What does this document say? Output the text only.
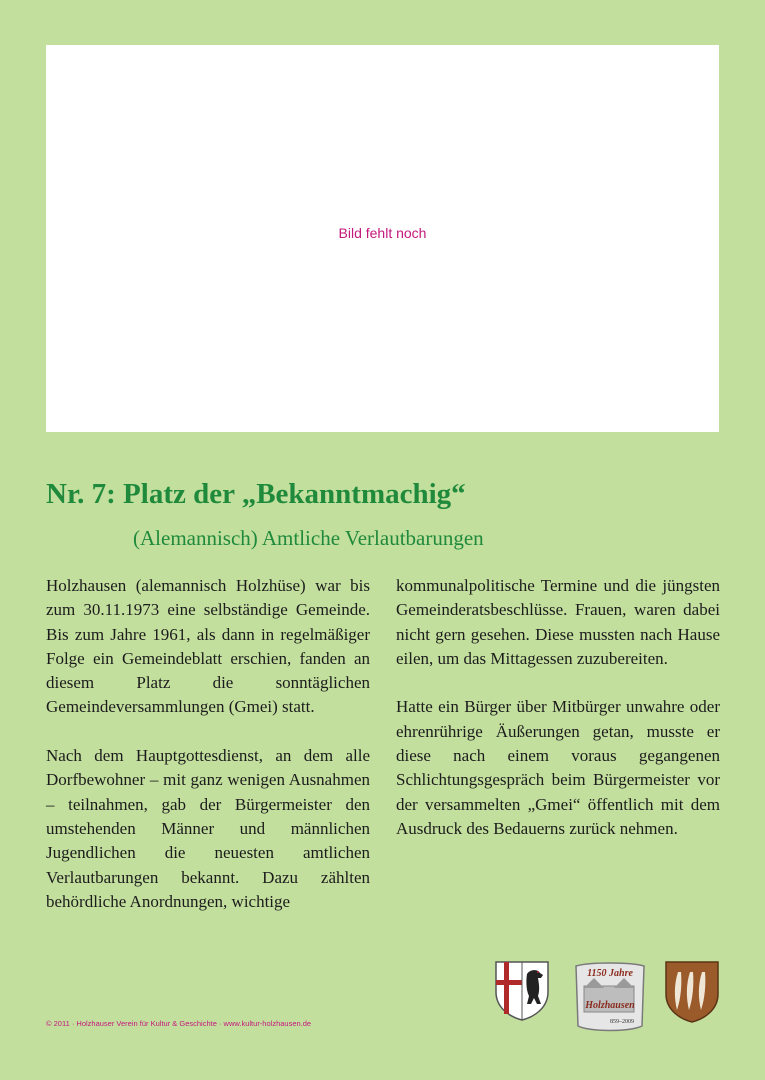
Bild fehlt noch
Nr. 7: Platz der „Bekanntmachig“
(Alemannisch) Amtliche Verlautbarungen

Holzhausen (alemannisch Holzhüse) war bis zum 30.11.1973 eine selbständige Gemeinde. Bis zum Jahre 1961, als dann in regelmäßiger Folge ein Gemeindeblatt erschien, fanden an diesem Platz die sonntäglichen Gemeindeversammlungen (Gmei) statt.

Nach dem Hauptgottesdienst, an dem alle Dorfbewohner – mit ganz wenigen Ausnahmen – teilnahmen, gab der Bürgermeister den umstehenden Männer und männlichen Jugendlichen die neuesten amtlichen Verlautbarungen bekannt. Dazu zählten behördliche Anordnungen, wichtige

kommunalpolitische Termine und die jüngsten Gemeinderatsbeschlüsse. Frauen, waren dabei nicht gern gesehen. Diese mussten nach Hause eilen, um das Mittagessen zuzubereiten.

Hatte ein Bürger über Mitbürger unwahre oder ehrenrührige Äußerungen getan, musste er diese nach einem voraus gegangenen Schlichtungsgespräch beim Bürgermeister vor der versammelten „Gmei“ öffentlich mit dem Ausdruck des Bedauerns zurück nehmen.

© 2011 · Holzhauser Verein für Kultur & Geschichte · www.kultur-holzhausen.de
1150 Jahre
Holzhausen
859–2009
